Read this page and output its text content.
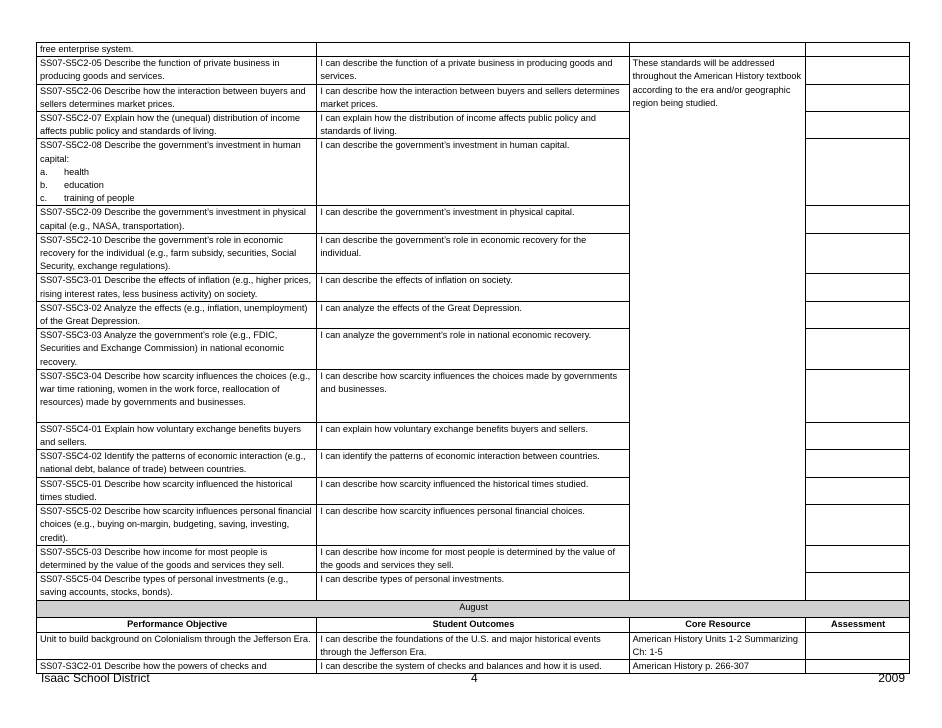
free enterprise system.			
SS07-S5C2-05 Describe the function of private business in producing goods and services.	I can describe the function of a private business in producing goods and services.	These standards will be addressed throughout the American History textbook according to the era and/or geographic region being studied.	
SS07-S5C2-06 Describe how the interaction between buyers and sellers determines market prices.	I can describe how the interaction between buyers and sellers determines market prices.		
SS07-S5C2-07 Explain how the (unequal) distribution of income affects public policy and standards of living.	I can explain how the distribution of income affects public policy and standards of living.		
SS07-S5C2-08 Describe the government’s investment in human capital:
a. health
b. education
c. training of people	I can describe the government’s investment in human capital.		
SS07-S5C2-09 Describe the government’s investment in physical capital (e.g., NASA, transportation).	I can describe the government’s investment in physical capital.		
SS07-S5C2-10 Describe the government’s role in economic recovery for the individual (e.g., farm subsidy, securities, Social Security, exchange regulations).	I can describe the government’s role in economic recovery for the individual.		
SS07-S5C3-01 Describe the effects of inflation (e.g., higher prices, rising interest rates, less business activity) on society.	I can describe the effects of inflation on society.		
SS07-S5C3-02 Analyze the effects (e.g., inflation, unemployment) of the Great Depression.	I can analyze the effects of the Great Depression.		
SS07-S5C3-03 Analyze the government’s role (e.g., FDIC, Securities and Exchange Commission) in national economic recovery.	I can analyze the government’s role in national economic recovery.		
SS07-S5C3-04 Describe how scarcity influences the choices (e.g., war time rationing, women in the work force, reallocation of resources) made by governments and businesses.	I can describe how scarcity influences the choices made by governments and businesses.		
SS07-S5C4-01 Explain how voluntary exchange benefits buyers and sellers.	I can explain how voluntary exchange benefits buyers and sellers.		
SS07-S5C4-02 Identify the patterns of economic interaction (e.g., national debt, balance of trade) between countries.	I can identify the patterns of economic interaction between countries.		
SS07-S5C5-01 Describe how scarcity influenced the historical times studied.	I can describe how scarcity influenced the historical times studied.		
SS07-S5C5-02 Describe how scarcity influences personal financial choices (e.g., buying on-margin, budgeting, saving, investing, credit).	I can describe how scarcity influences personal financial choices.		
SS07-S5C5-03 Describe how income for most people is determined by the value of the goods and services they sell.	I can describe how income for most people is determined by the value of the goods and services they sell.		
SS07-S5C5-04 Describe types of personal investments (e.g., saving accounts, stocks, bonds).	I can describe types of personal investments.		
August			
Performance Objective	Student Outcomes	Core Resource	Assessment
Unit to build background on Colonialism through the Jefferson Era.	I can describe the foundations of the U.S. and major historical events through the Jefferson Era.	American History Units 1-2 Summarizing Ch: 1-5	
SS07-S3C2-01 Describe how the powers of checks and	I can describe the system of checks and balances and how it is used.	American History p. 266-307	
Isaac School District	4	2009
